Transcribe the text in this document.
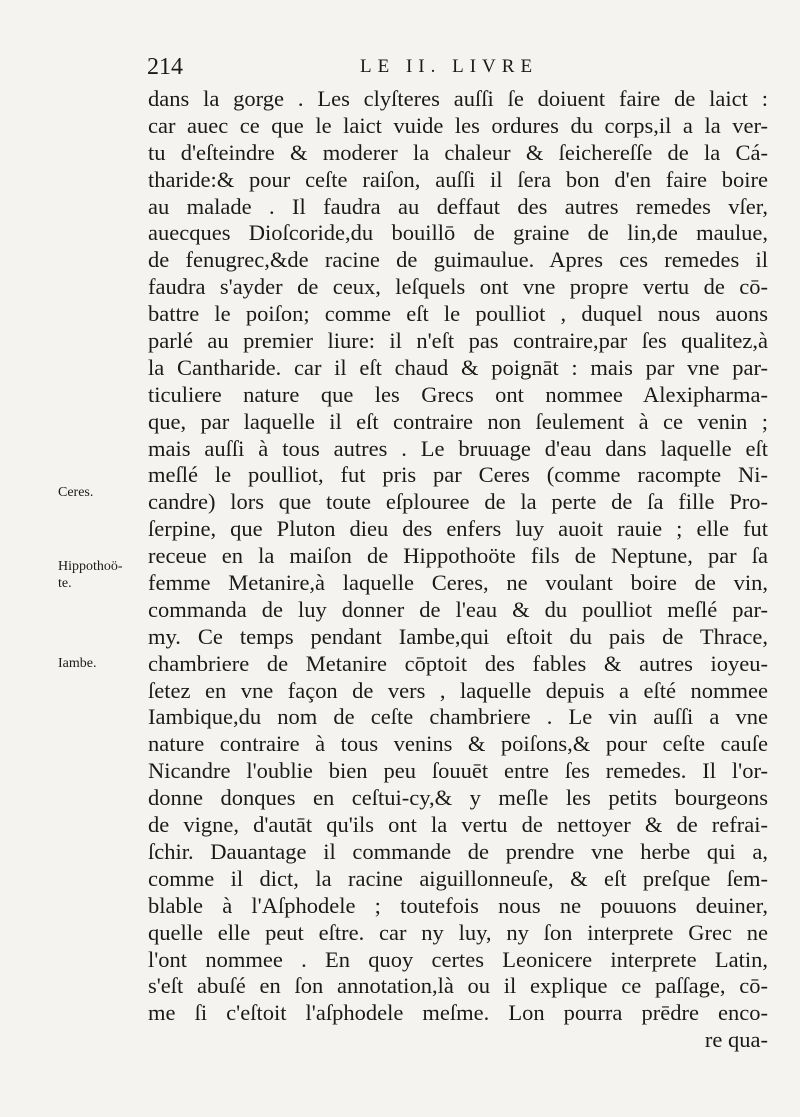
214	LE II. LIVRE
Ceres.
Hippothoö-
te.
Iambe.
dans la gorge . Les clyſteres auſſi ſe doiuent faire de laict :
car auec ce que le laict vuide les ordures du corps,il a la ver-
tu d'eſteindre & moderer la chaleur & ſeichereſſe de la Cá-
tharide:& pour ceſte raiſon, auſſi il ſera bon d'en faire boire
au malade . Il faudra au deffaut des autres remedes vſer,
auecques Dioſcoride,du bouillō de graine de lin,de maulue,
de fenugrec,&de racine de guimaulue. Apres ces remedes il
faudra s'ayder de ceux, leſquels ont vne propre vertu de cō-
battre le poiſon; comme eſt le poulliot , duquel nous auons
parlé au premier liure: il n'eſt pas contraire,par ſes qualitez,à
la Cantharide. car il eſt chaud & poignāt : mais par vne par-
ticuliere nature que les Grecs ont nommee Alexipharma-
que, par laquelle il eſt contraire non ſeulement à ce venin ;
mais auſſi à tous autres . Le bruuage d'eau dans laquelle eſt
meſlé le poulliot, fut pris par Ceres (comme racompte Ni-
candre) lors que toute eſplouree de la perte de ſa fille Pro-
ſerpine, que Pluton dieu des enfers luy auoit rauie ; elle fut
receue en la maiſon de Hippothoöte fils de Neptune, par ſa
femme Metanire,à laquelle Ceres, ne voulant boire de vin,
commanda de luy donner de l'eau & du poulliot meſlé par-
my. Ce temps pendant Iambe,qui eſtoit du pais de Thrace,
chambriere de Metanire cōptoit des fables & autres ioyeu-
ſetez en vne façon de vers , laquelle depuis a eſté nommee
Iambique,du nom de ceſte chambriere . Le vin auſſi a vne
nature contraire à tous venins & poiſons,& pour ceſte cauſe
Nicandre l'oublie bien peu ſouuēt entre ſes remedes. Il l'or-
donne donques en ceſtui-cy,& y meſle les petits bourgeons
de vigne, d'autāt qu'ils ont la vertu de nettoyer & de refrai-
ſchir. Dauantage il commande de prendre vne herbe qui a,
comme il dict, la racine aiguillonneuſe, & eſt preſque ſem-
blable à l'Aſphodele ; toutefois nous ne pouuons deuiner,
quelle elle peut eſtre. car ny luy, ny ſon interprete Grec ne
l'ont nommee . En quoy certes Leonicere interprete Latin,
s'eſt abuſé en ſon annotation,là ou il explique ce paſſage, cō-
me ſi c'eſtoit l'aſphodele meſme. Lon pourra prēdre enco-
re qua-
